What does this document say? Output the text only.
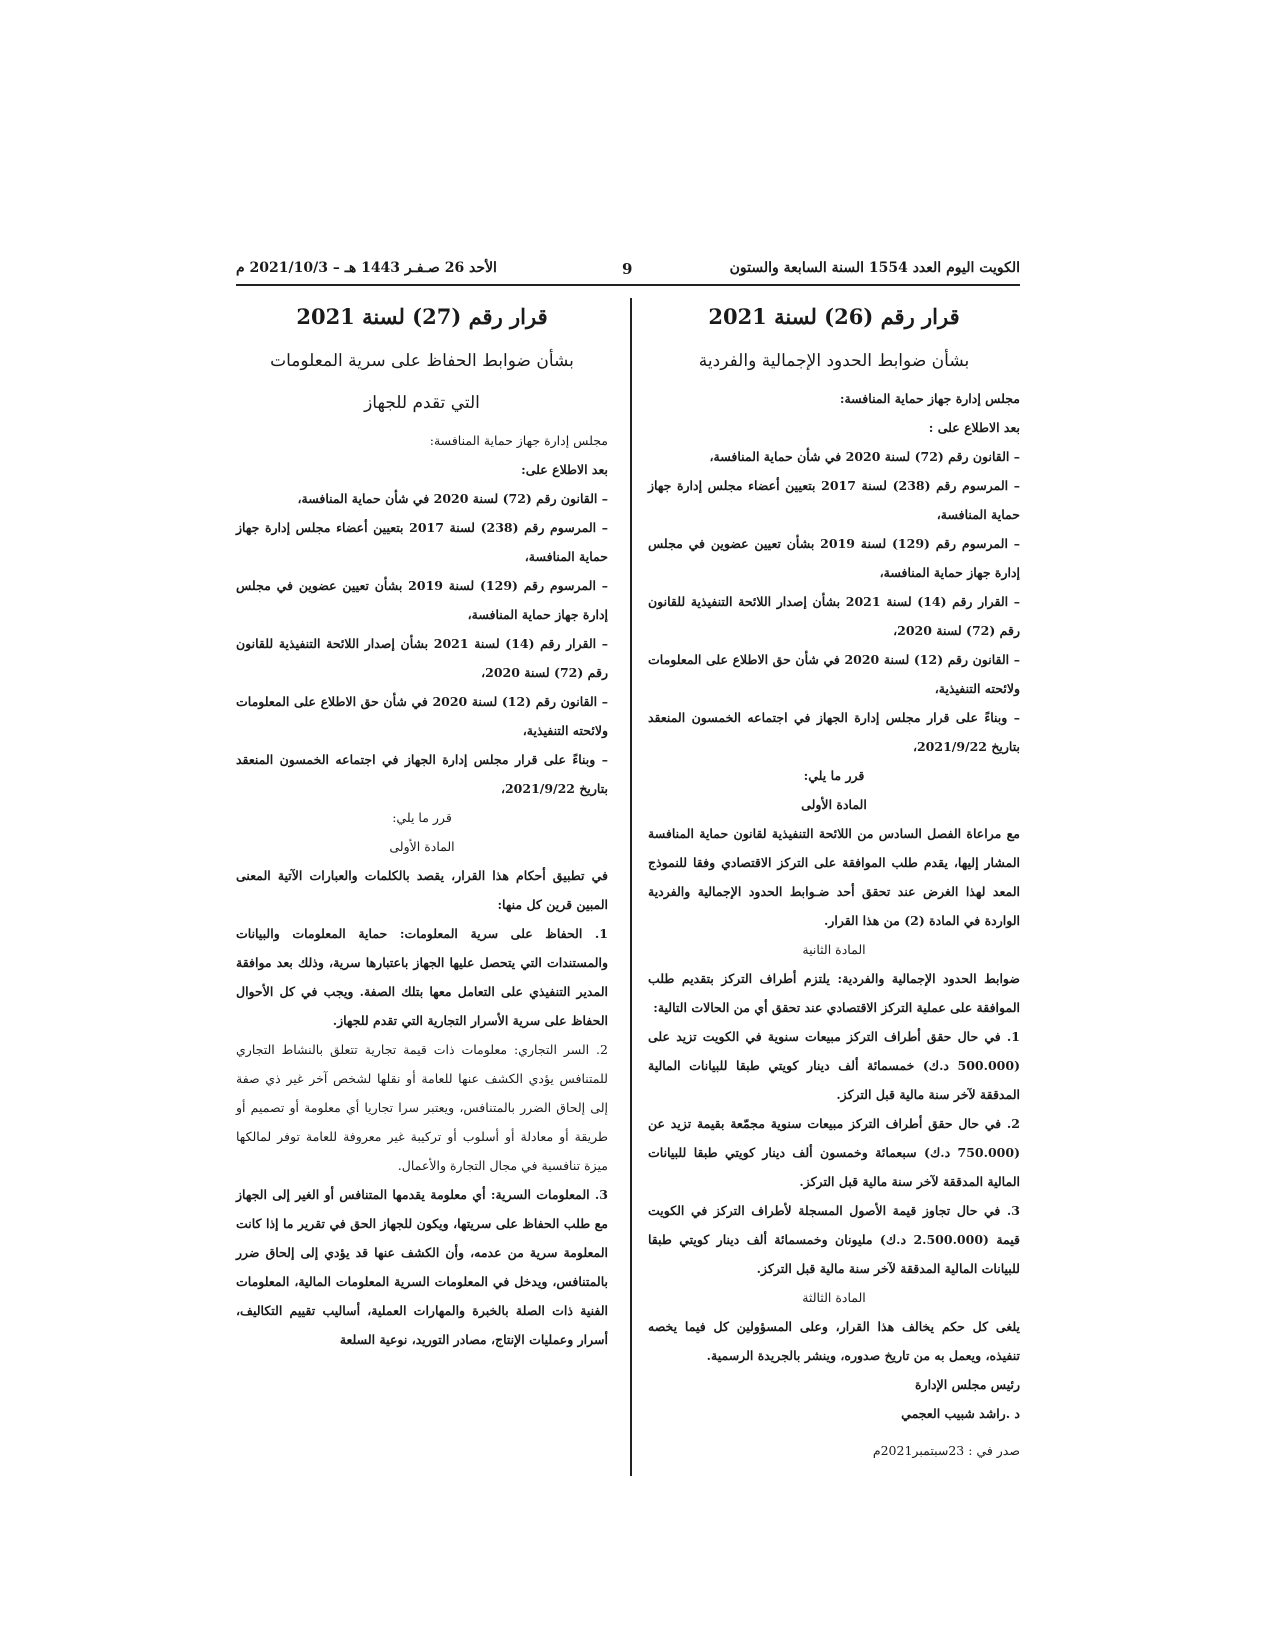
الكويت اليوم العدد 1554 السنة السابعة والستون
9
الأحد 26 صـفـر 1443 هـ – 2021/10/3 م
قرار رقم (26) لسنة 2021
بشأن ضوابط الحدود الإجمالية والفردية

مجلس إدارة جهاز حماية المنافسة:

بعد الاطلاع على :

– القانون رقم (72) لسنة 2020 في شأن حماية المنافسة،

– المرسوم رقم (238) لسنة 2017 بتعيين أعضاء مجلس إدارة جهاز حماية المنافسة،

– المرسوم رقم (129) لسنة 2019 بشأن تعيين عضوين في مجلس إدارة جهاز حماية المنافسة،

– القرار رقم (14) لسنة 2021 بشأن إصدار اللائحة التنفيذية للقانون رقم (72) لسنة 2020،

– القانون رقم (12) لسنة 2020 في شأن حق الاطلاع على المعلومات ولائحته التنفيذية،

– وبناءً على قرار مجلس إدارة الجهاز في اجتماعه الخمسون المنعقد بتاريخ 2021/9/22،

قرر ما يلي:

المادة الأولى

مع مراعاة الفصل السادس من اللائحة التنفيذية لقانون حماية المنافسة المشار إليها، يقدم طلب الموافقة على التركز الاقتصادي وفقا للنموذج المعد لهذا الغرض عند تحقق أحد ضـوابط الحدود الإجمالية والفردية الواردة في المادة (2) من هذا القرار.

المادة الثانية

ضوابط الحدود الإجمالية والفردية: يلتزم أطراف التركز بتقديم طلب الموافقة على عملية التركز الاقتصادي عند تحقق أي من الحالات التالية:

1. في حال حقق أطراف التركز مبيعات سنوية في الكويت تزيد على (500.000 د.ك) خمسمائة ألف دينار كويتي طبقا للبيانات المالية المدققة لآخر سنة مالية قبل التركز.

2. في حال حقق أطراف التركز مبيعات سنوية مجمّعة بقيمة تزيد عن (750.000 د.ك) سبعمائة وخمسون ألف دينار كويتي طبقا للبيانات المالية المدققة لآخر سنة مالية قبل التركز.

3. في حال تجاوز قيمة الأصول المسجلة لأطراف التركز في الكويت قيمة (2.500.000 د.ك) مليونان وخمسمائة ألف دينار كويتي طبقا للبيانات المالية المدققة لآخر سنة مالية قبل التركز.

المادة الثالثة

يلغى كل حكم يخالف هذا القرار، وعلى المسؤولين كل فيما يخصه تنفيذه، ويعمل به من تاريخ صدوره، وينشر بالجريدة الرسمية.

رئيس مجلس الإدارة

د .راشد شبيب العجمي

صدر في : 23سبتمبر2021م

قرار رقم (27) لسنة 2021
بشأن ضوابط الحفاظ على سرية المعلومات
التي تقدم للجهاز

مجلس إدارة جهاز حماية المنافسة:

بعد الاطلاع على:

– القانون رقم (72) لسنة 2020 في شأن حماية المنافسة،

– المرسوم رقم (238) لسنة 2017 بتعيين أعضاء مجلس إدارة جهاز حماية المنافسة،

– المرسوم رقم (129) لسنة 2019 بشأن تعيين عضوين في مجلس إدارة جهاز حماية المنافسة،

– القرار رقم (14) لسنة 2021 بشأن إصدار اللائحة التنفيذية للقانون رقم (72) لسنة 2020،

– القانون رقم (12) لسنة 2020 في شأن حق الاطلاع على المعلومات ولائحته التنفيذية،

– وبناءً على قرار مجلس إدارة الجهاز في اجتماعه الخمسون المنعقد بتاريخ 2021/9/22،

قرر ما يلي:

المادة الأولى

في تطبيق أحكام هذا القرار، يقصد بالكلمات والعبارات الآتية المعنى المبين قرين كل منها:

1. الحفاظ على سرية المعلومات: حماية المعلومات والبيانات والمستندات التي يتحصل عليها الجهاز باعتبارها سرية، وذلك بعد موافقة المدير التنفيذي على التعامل معها بتلك الصفة. ويجب في كل الأحوال الحفاظ على سرية الأسرار التجارية التي تقدم للجهاز.

2. السر التجاري: معلومات ذات قيمة تجارية تتعلق بالنشاط التجاري للمتنافس يؤدي الكشف عنها للعامة أو نقلها لشخص آخر غير ذي صفة إلى إلحاق الضرر بالمتنافس، ويعتبر سرا تجاريا أي معلومة أو تصميم أو طريقة أو معادلة أو أسلوب أو تركيبة غير معروفة للعامة توفر لمالكها ميزة تنافسية في مجال التجارة والأعمال.

3. المعلومات السرية: أي معلومة يقدمها المتنافس أو الغير إلى الجهاز مع طلب الحفاظ على سريتها، ويكون للجهاز الحق في تقرير ما إذا كانت المعلومة سرية من عدمه، وأن الكشف عنها قد يؤدي إلى إلحاق ضرر بالمتنافس، ويدخل في المعلومات السرية المعلومات المالية، المعلومات الفنية ذات الصلة بالخبرة والمهارات العملية، أساليب تقييم التكاليف، أسرار وعمليات الإنتاج، مصادر التوريد، نوعية السلعة
